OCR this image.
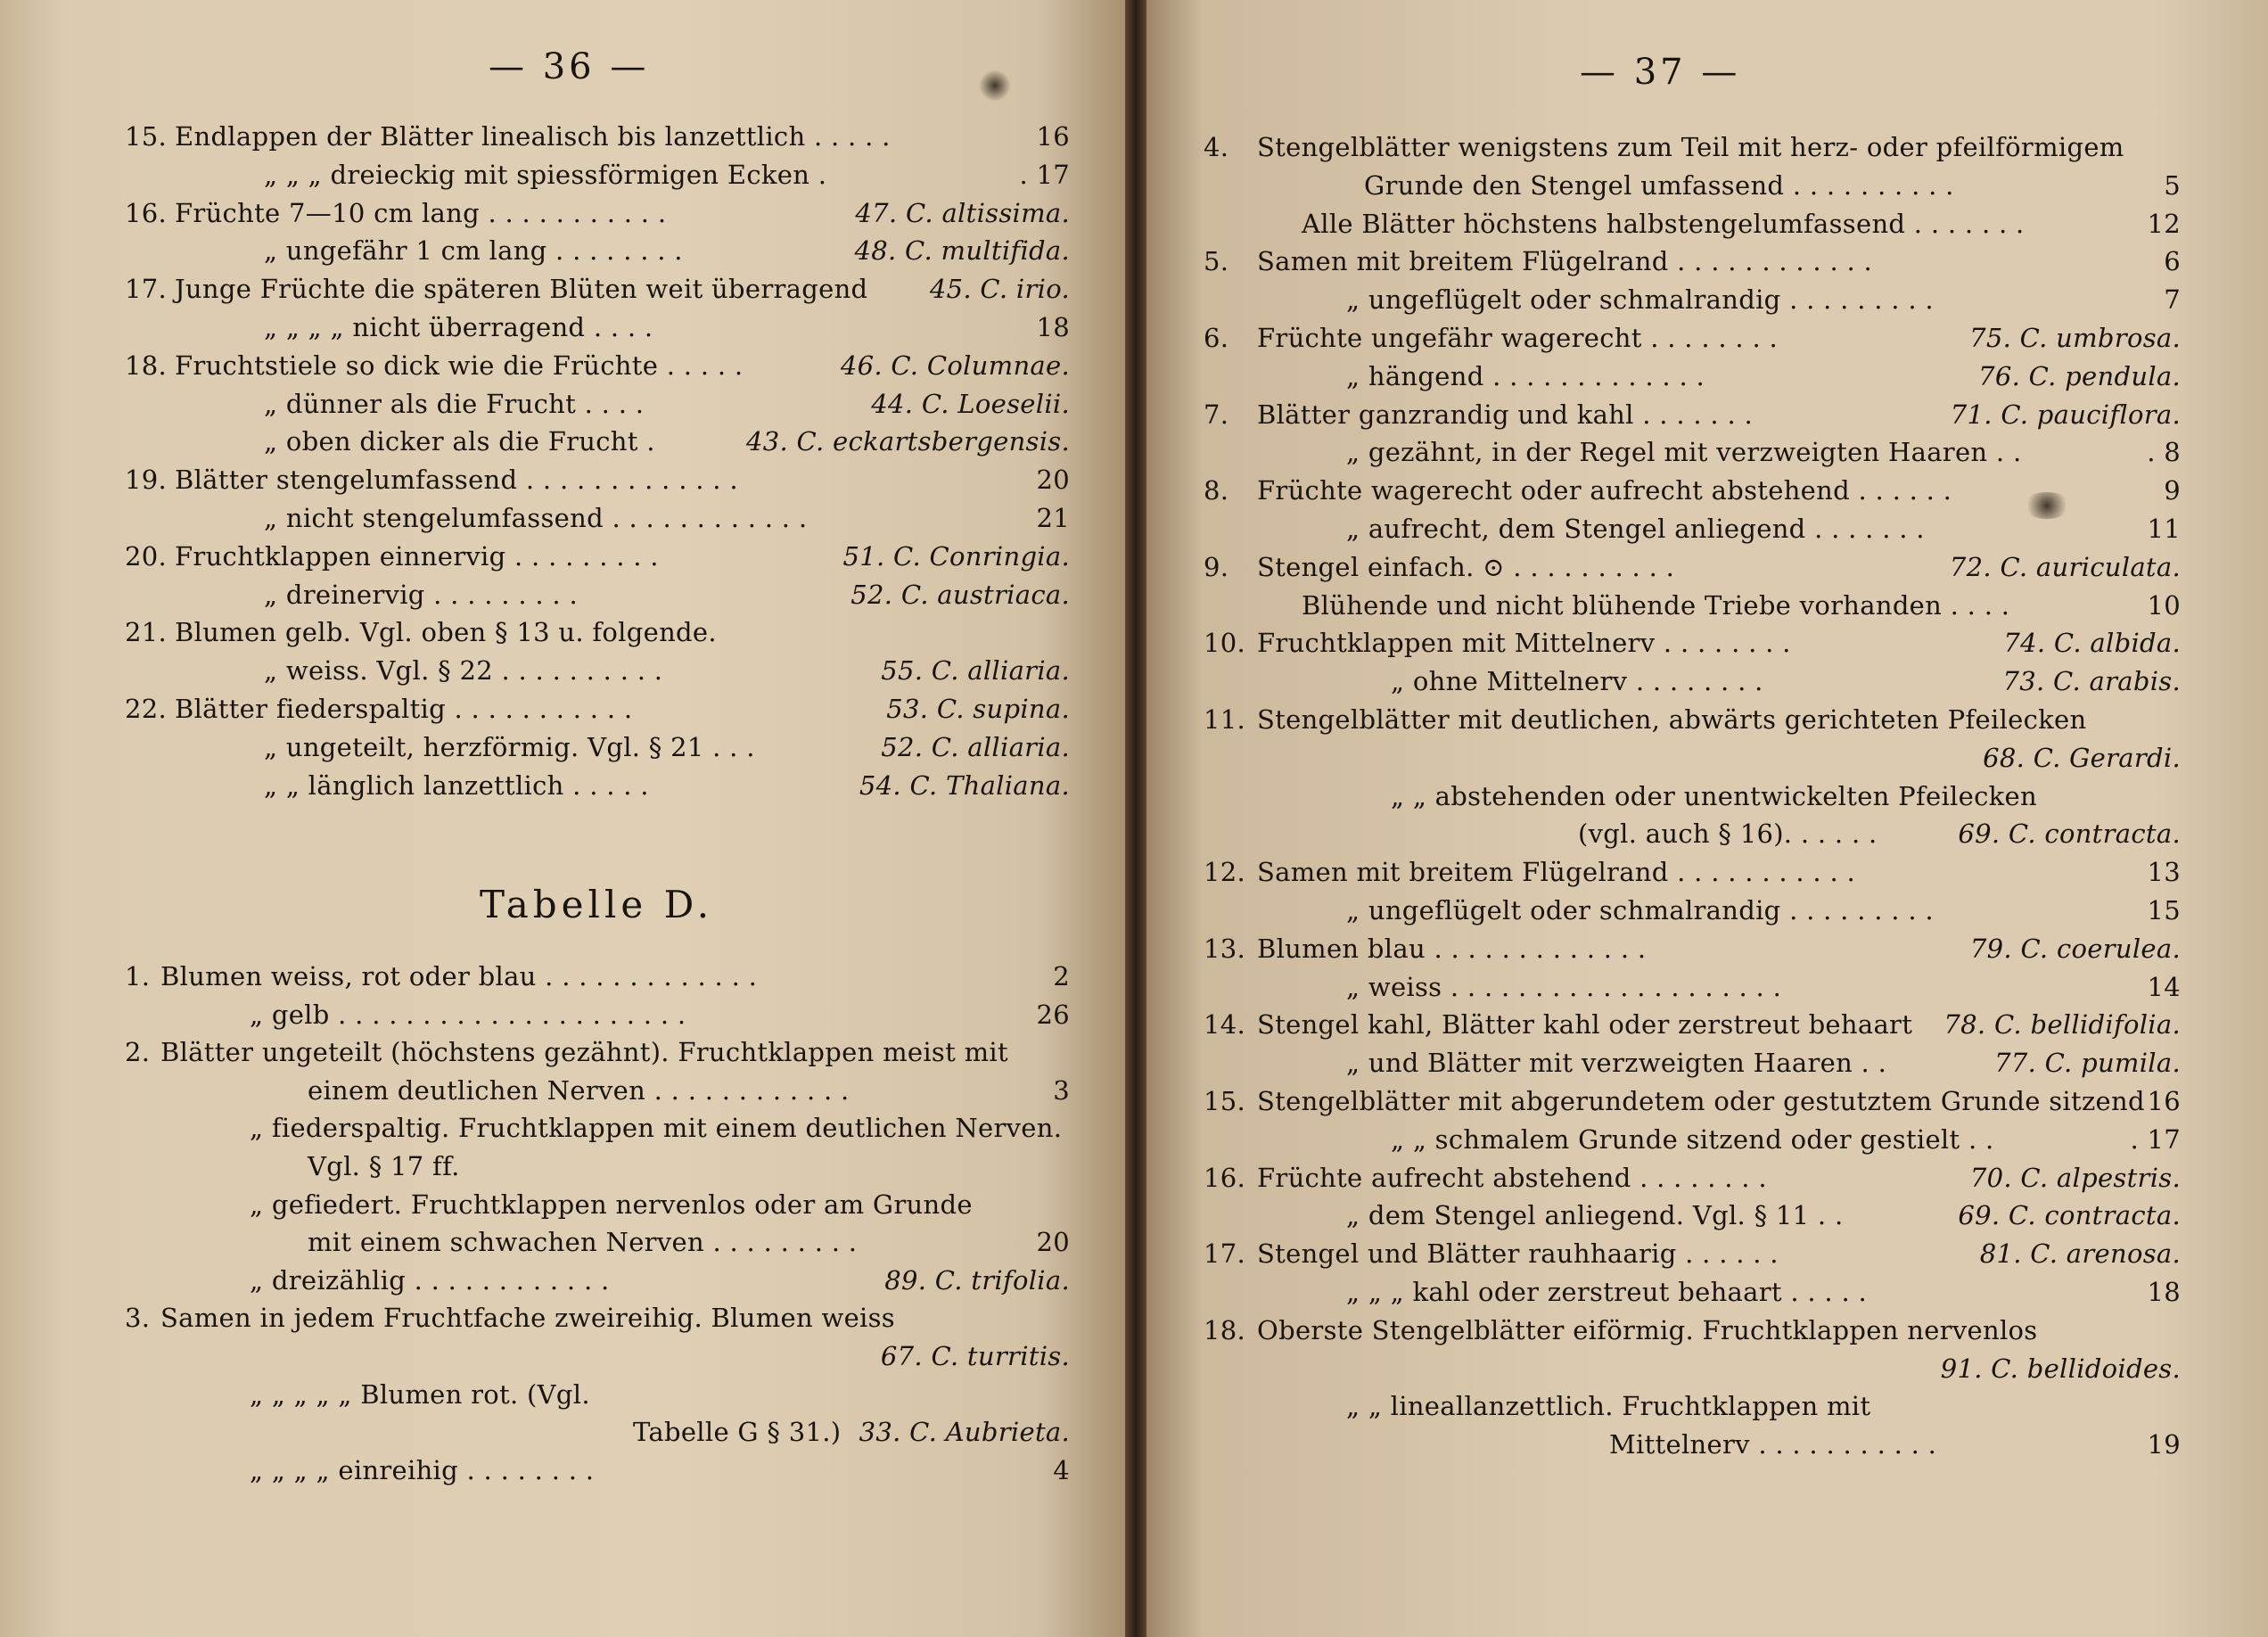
— 36 —
15. Endlappen der Blätter linealisch bis lanzettlich . . . . .	16
„ „ „ dreieckig mit spiessförmigen Ecken .	. 17
16. Früchte 7—10 cm lang . . . . . . . . . . .	47. C. altissima.
„ ungefähr 1 cm lang . . . . . . . .	48. C. multifida.
17. Junge Früchte die späteren Blüten weit überragend 45. C. irio.
„ „ „ „ nicht überragend . . . .	18
18. Fruchtstiele so dick wie die Früchte . . . . .	46. C. Columnae.
„ dünner als die Frucht . . . .	44. C. Loeselii.
„ oben dicker als die Frucht .	43. C. eckartsbergensis.
19. Blätter stengelumfassend . . . . . . . . . . . . .	20
„ nicht stengelumfassend . . . . . . . . . . . .	21
20. Fruchtklappen einnervig . . . . . . . . .	51. C. Conringia.
„ dreinervig . . . . . . . . .	52. C. austriaca.
21. Blumen gelb. Vgl. oben § 13 u. folgende.
„ weiss. Vgl. § 22 . . . . . . . . . .	55. C. alliaria.
22. Blätter fiederspaltig . . . . . . . . . . .	53. C. supina.
„ ungeteilt, herzförmig. Vgl. § 21 . . .	52. C. alliaria.
„ „ länglich lanzettlich . . . . .	54. C. Thaliana.
Tabelle D.
1. Blumen weiss, rot oder blau . . . . . . . . . . . . .	2
„ gelb . . . . . . . . . . . . . . . . . . . . .	26
2. Blätter ungeteilt (höchstens gezähnt). Fruchtklappen meist mit
einem deutlichen Nerven . . . . . . . . . . . .	3
„ fiederspaltig. Fruchtklappen mit einem deutlichen Nerven.
Vgl. § 17 ff.
„ gefiedert. Fruchtklappen nervenlos oder am Grunde
mit einem schwachen Nerven . . . . . . . . .	20
„ dreizählig . . . . . . . . . . . .	89. C. trifolia.
3. Samen in jedem Fruchtfache zweireihig. Blumen weiss
67. C. turritis.
„ „ „ „ „ Blumen rot. (Vgl.
Tabelle G § 31.) 33. C. Aubrieta.
„ „ „ „ einreihig . . . . . . . .	4
— 37 —
4. Stengelblätter wenigstens zum Teil mit herz- oder pfeilförmigem
Grunde den Stengel umfassend . . . . . . . . . .	5
Alle Blätter höchstens halbstengelumfassend . . . . . . .	12
5. Samen mit breitem Flügelrand . . . . . . . . . . . .	6
„ ungeflügelt oder schmalrandig . . . . . . . . .	7
6. Früchte ungefähr wagerecht . . . . . . . .	75. C. umbrosa.
„ hängend . . . . . . . . . . . . .	76. C. pendula.
7. Blätter ganzrandig und kahl . . . . . . .	71. C. pauciflora.
„ gezähnt, in der Regel mit verzweigten Haaren . .	. 8
8. Früchte wagerecht oder aufrecht abstehend . . . . . .	9
„ aufrecht, dem Stengel anliegend . . . . . . .	11
9. Stengel einfach. ⊙ . . . . . . . . . .	72. C. auriculata.
Blühende und nicht blühende Triebe vorhanden . . . .	10
10. Fruchtklappen mit Mittelnerv . . . . . . . .	74. C. albida.
„ ohne Mittelnerv . . . . . . . .	73. C. arabis.
11. Stengelblätter mit deutlichen, abwärts gerichteten Pfeilecken
68. C. Gerardi.
„ „ abstehenden oder unentwickelten Pfeilecken
(vgl. auch § 16). . . . . .	69. C. contracta.
12. Samen mit breitem Flügelrand . . . . . . . . . . .	13
„ ungeflügelt oder schmalrandig . . . . . . . . .	15
13. Blumen blau . . . . . . . . . . . . .	79. C. coerulea.
„ weiss . . . . . . . . . . . . . . . . . . . .	14
14. Stengel kahl, Blätter kahl oder zerstreut behaart 78. C. bellidifolia.
„ und Blätter mit verzweigten Haaren . .	77. C. pumila.
15. Stengelblätter mit abgerundetem oder gestutztem Grunde sitzend 16
„ „ schmalem Grunde sitzend oder gestielt . .	. 17
16. Früchte aufrecht abstehend . . . . . . . .	70. C. alpestris.
„ dem Stengel anliegend. Vgl. § 11 . .	69. C. contracta.
17. Stengel und Blätter rauhhaarig . . . . . .	81. C. arenosa.
„ „ „ kahl oder zerstreut behaart . . . . .	18
18. Oberste Stengelblätter eiförmig. Fruchtklappen nervenlos
91. C. bellidoides.
„ „ lineallanzettlich. Fruchtklappen mit
Mittelnerv . . . . . . . . . . .	19
